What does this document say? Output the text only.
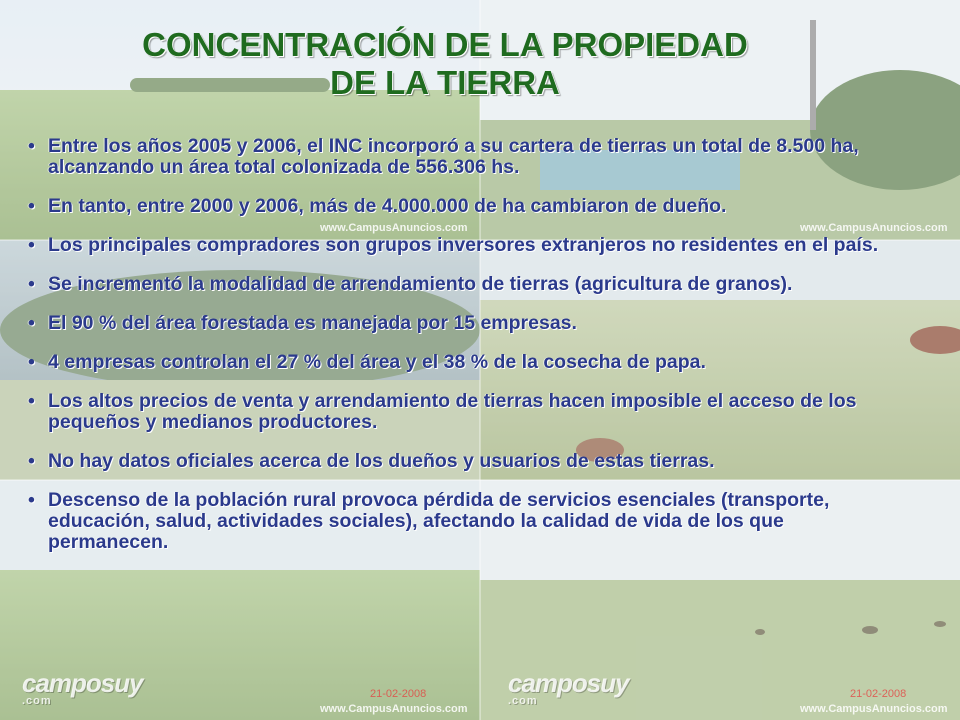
camposuy
.com
camposuy
.com
www.CampusAnuncios.com	www.CampusAnuncios.com
www.CampusAnuncios.com	www.CampusAnuncios.com
21-02-2008	21-02-2008
CONCENTRACIÓN DE LA PROPIEDAD
DE LA TIERRA
• Entre los años 2005 y 2006, el INC incorporó a su cartera de tierras un total de 8.500 ha, alcanzando un área total colonizada de 556.306 hs.
• En tanto, entre 2000 y 2006, más de 4.000.000 de ha cambiaron de dueño.
• Los principales compradores son grupos inversores extranjeros no residentes en el país.
• Se incrementó la modalidad de arrendamiento de tierras (agricultura de granos).
• El 90 % del área forestada es manejada por 15 empresas.
• 4 empresas controlan el 27 % del área y el 38 % de la cosecha de papa.
• Los altos precios de venta y arrendamiento de tierras hacen imposible el acceso de los pequeños y medianos productores.
• No hay datos oficiales acerca de los dueños y usuarios de estas tierras.
• Descenso de la población rural provoca pérdida de servicios esenciales (transporte, educación, salud, actividades sociales), afectando la calidad de vida de los que permanecen.
